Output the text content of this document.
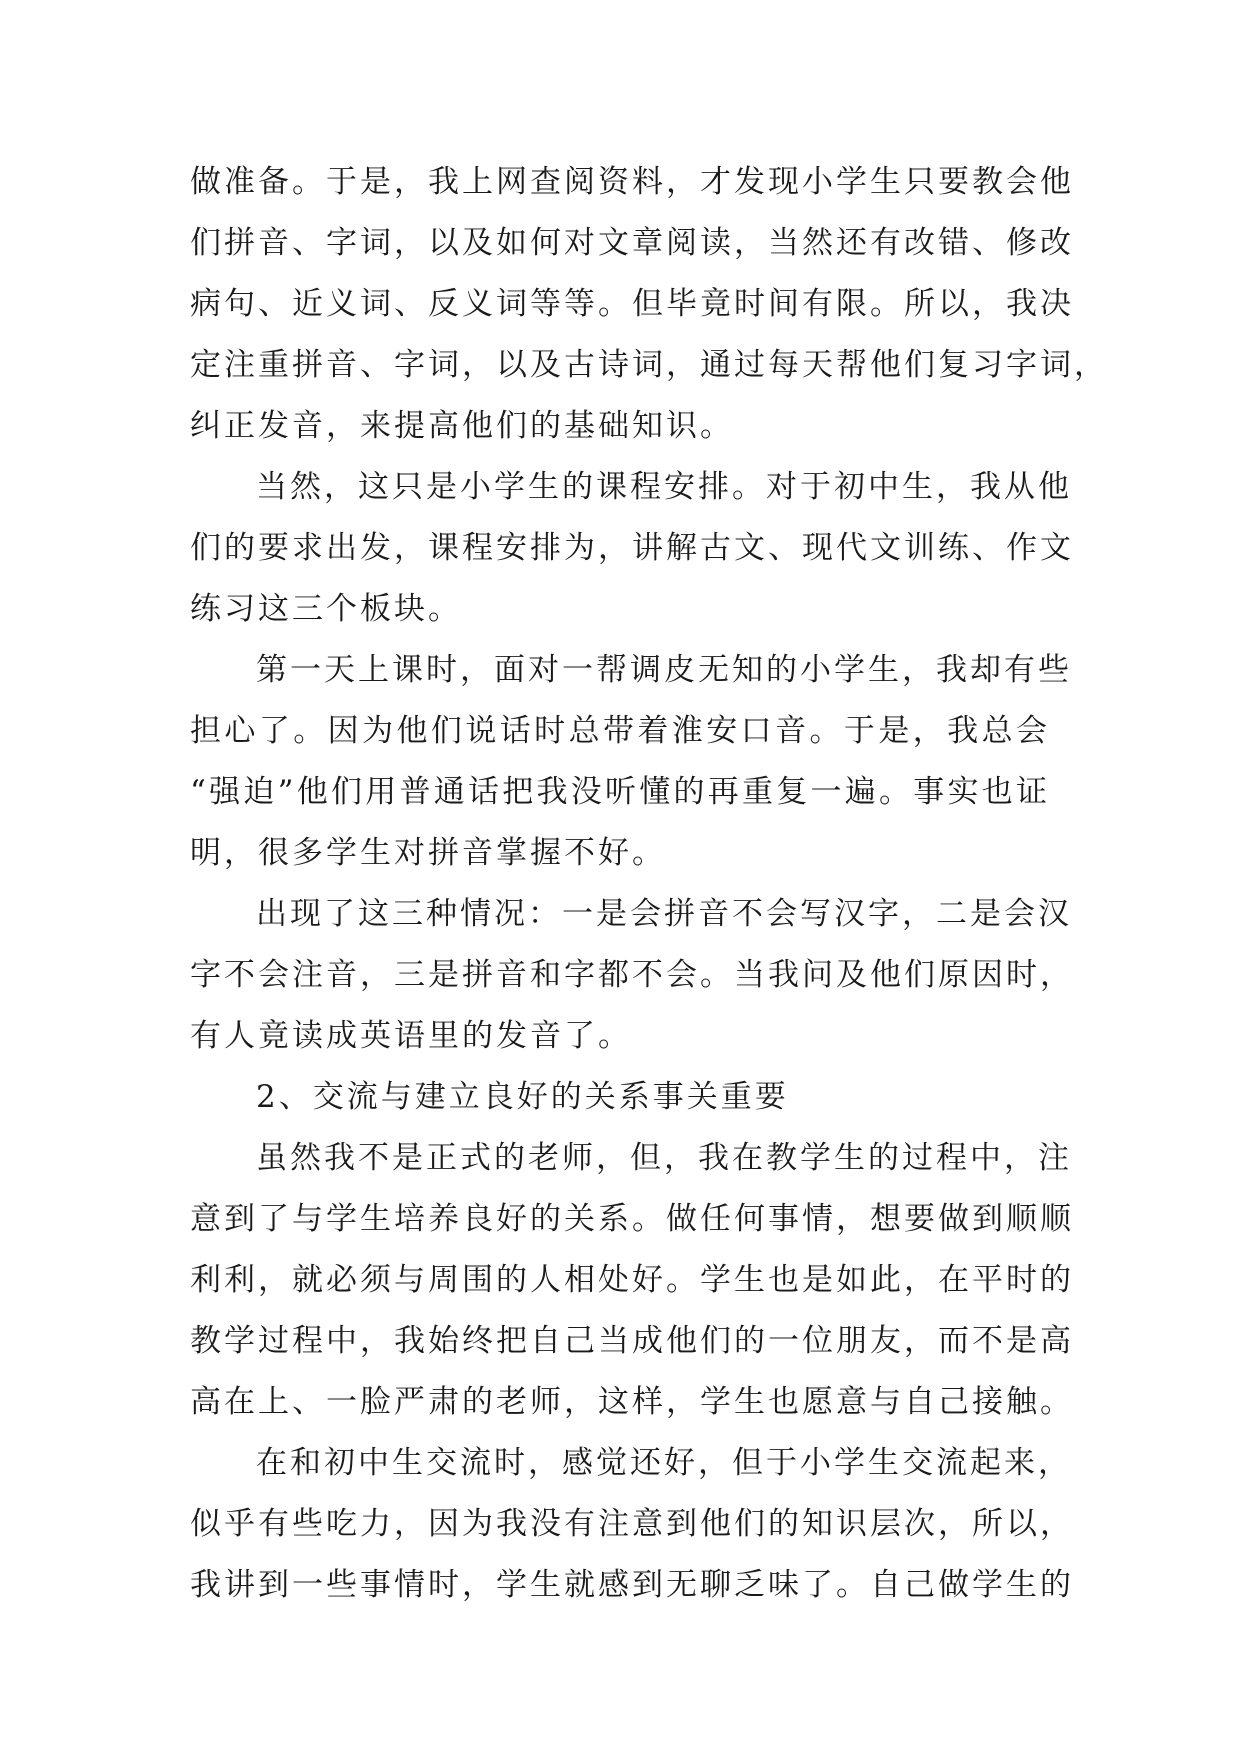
做准备。于是，我上网查阅资料，才发现小学生只要教会他

们拼音、字词，以及如何对文章阅读，当然还有改错、修改

病句、近义词、反义词等等。但毕竟时间有限。所以，我决

定注重拼音、字词，以及古诗词，通过每天帮他们复习字词，

纠正发音，来提高他们的基础知识。

当然，这只是小学生的课程安排。对于初中生，我从他

们的要求出发，课程安排为，讲解古文、现代文训练、作文

练习这三个板块。

第一天上课时，面对一帮调皮无知的小学生，我却有些

担心了。因为他们说话时总带着淮安口音。于是，我总会

“强迫”他们用普通话把我没听懂的再重复一遍。事实也证

明，很多学生对拼音掌握不好。

出现了这三种情况：一是会拼音不会写汉字，二是会汉

字不会注音，三是拼音和字都不会。当我问及他们原因时，

有人竟读成英语里的发音了。

2、交流与建立良好的关系事关重要

虽然我不是正式的老师，但，我在教学生的过程中，注

意到了与学生培养良好的关系。做任何事情，想要做到顺顺

利利，就必须与周围的人相处好。学生也是如此，在平时的

教学过程中，我始终把自己当成他们的一位朋友，而不是高

高在上、一脸严肃的老师，这样，学生也愿意与自己接触。

在和初中生交流时，感觉还好，但于小学生交流起来，

似乎有些吃力，因为我没有注意到他们的知识层次，所以，

我讲到一些事情时，学生就感到无聊乏味了。自己做学生的
